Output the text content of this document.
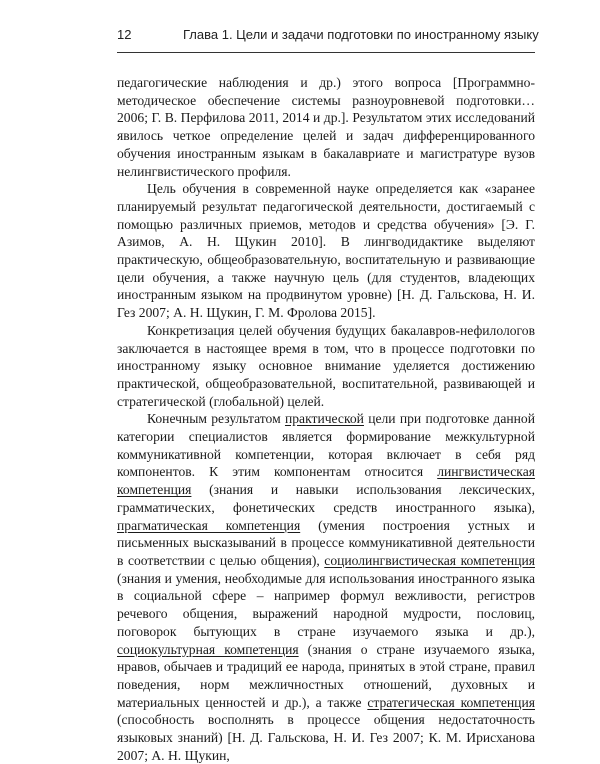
12	Глава 1. Цели и задачи подготовки по иностранному языку

педагогические наблюдения и др.) этого вопроса [Программно-методическое обеспечение системы разноуровневой подготовки… 2006; Г. В. Перфилова 2011, 2014 и др.]. Результатом этих исследований явилось четкое определение целей и задач дифференцированного обучения иностранным языкам в бакалавриате и магистратуре вузов нелингвистического профиля.

Цель обучения в современной науке определяется как «заранее планируемый результат педагогической деятельности, достигаемый с помощью различных приемов, методов и средства обучения» [Э. Г. Азимов, А. Н. Щукин 2010]. В лингводидактике выделяют практическую, общеобразовательную, воспитательную и развивающие цели обучения, а также научную цель (для студентов, владеющих иностранным языком на продвинутом уровне) [Н. Д. Гальскова, Н. И. Гез 2007; А. Н. Щукин, Г. М. Фролова 2015].

Конкретизация целей обучения будущих бакалавров-нефилологов заключается в настоящее время в том, что в процессе подготовки по иностранному языку основное внимание уделяется достижению практической, общеобразовательной, воспитательной, развивающей и стратегической (глобальной) целей.

Конечным результатом практической цели при подготовке данной категории специалистов является формирование межкультурной коммуникативной компетенции, которая включает в себя ряд компонентов. К этим компонентам относится лингвистическая компетенция (знания и навыки использования лексических, грамматических, фонетических средств иностранного языка), прагматическая компетенция (умения построения устных и письменных высказываний в процессе коммуникативной деятельности в соответствии с целью общения), социолингвистическая компетенция (знания и умения, необходимые для использования иностранного языка в социальной сфере – например формул вежливости, регистров речевого общения, выражений народной мудрости, пословиц, поговорок бытующих в стране изучаемого языка и др.), социокультурная компетенция (знания о стране изучаемого языка, нравов, обычаев и традиций ее народа, принятых в этой стране, правил поведения, норм межличностных отношений, духовных и материальных ценностей и др.), а также стратегическая компетенция (способность восполнять в процессе общения недостаточность языковых знаний) [Н. Д. Гальскова, Н. И. Гез 2007; К. М. Ирисханова 2007; А. Н. Щукин,
